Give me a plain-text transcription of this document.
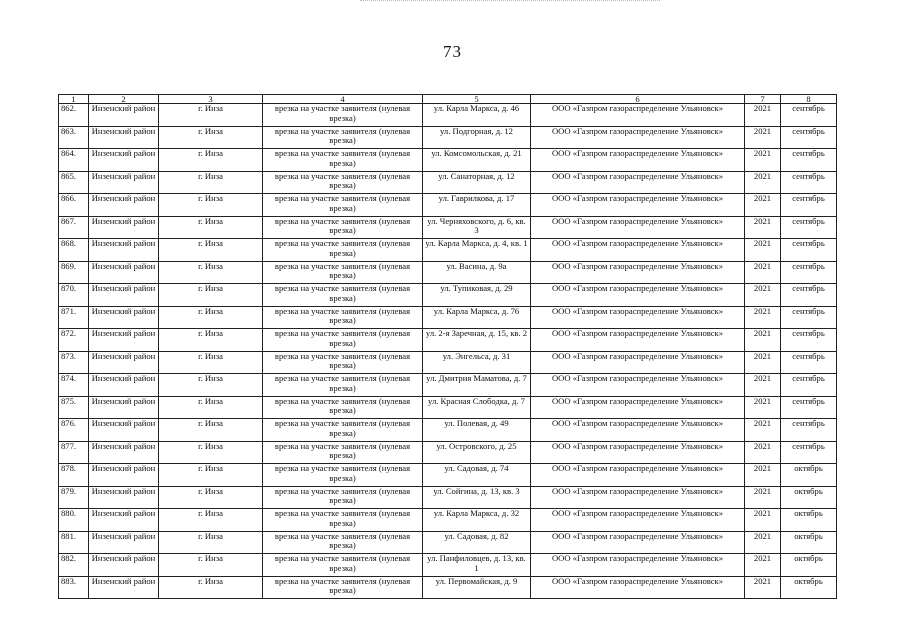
73
1	2	3	4	5	6	7	8
862.	Инзенский район	г. Инза	врезка на участке заявителя (нулевая врезка)	ул. Карла Маркса, д. 46	ООО «Газпром газораспределение Ульяновск»	2021	сентябрь
863.	Инзенский район	г. Инза	врезка на участке заявителя (нулевая врезка)	ул. Подгорная, д. 12	ООО «Газпром газораспределение Ульяновск»	2021	сентябрь
864.	Инзенский район	г. Инза	врезка на участке заявителя (нулевая врезка)	ул. Комсомольская, д. 21	ООО «Газпром газораспределение Ульяновск»	2021	сентябрь
865.	Инзенский район	г. Инза	врезка на участке заявителя (нулевая врезка)	ул. Санаторная, д. 12	ООО «Газпром газораспределение Ульяновск»	2021	сентябрь
866.	Инзенский район	г. Инза	врезка на участке заявителя (нулевая врезка)	ул. Гаврилкова, д. 17	ООО «Газпром газораспределение Ульяновск»	2021	сентябрь
867.	Инзенский район	г. Инза	врезка на участке заявителя (нулевая врезка)	ул. Черняховского, д. 6, кв. 3	ООО «Газпром газораспределение Ульяновск»	2021	сентябрь
868.	Инзенский район	г. Инза	врезка на участке заявителя (нулевая врезка)	ул. Карла Маркса, д. 4, кв. 1	ООО «Газпром газораспределение Ульяновск»	2021	сентябрь
869.	Инзенский район	г. Инза	врезка на участке заявителя (нулевая врезка)	ул. Васина, д. 9а	ООО «Газпром газораспределение Ульяновск»	2021	сентябрь
870.	Инзенский район	г. Инза	врезка на участке заявителя (нулевая врезка)	ул. Тупиковая, д. 29	ООО «Газпром газораспределение Ульяновск»	2021	сентябрь
871.	Инзенский район	г. Инза	врезка на участке заявителя (нулевая врезка)	ул. Карла Маркса, д. 76	ООО «Газпром газораспределение Ульяновск»	2021	сентябрь
872.	Инзенский район	г. Инза	врезка на участке заявителя (нулевая врезка)	ул. 2-я Заречная, д. 15, кв. 2	ООО «Газпром газораспределение Ульяновск»	2021	сентябрь
873.	Инзенский район	г. Инза	врезка на участке заявителя (нулевая врезка)	ул. Энгельса, д. 31	ООО «Газпром газораспределение Ульяновск»	2021	сентябрь
874.	Инзенский район	г. Инза	врезка на участке заявителя (нулевая врезка)	ул. Дмитрия Маматова, д. 7	ООО «Газпром газораспределение Ульяновск»	2021	сентябрь
875.	Инзенский район	г. Инза	врезка на участке заявителя (нулевая врезка)	ул. Красная Слободка, д. 7	ООО «Газпром газораспределение Ульяновск»	2021	сентябрь
876.	Инзенский район	г. Инза	врезка на участке заявителя (нулевая врезка)	ул. Полевая, д. 49	ООО «Газпром газораспределение Ульяновск»	2021	сентябрь
877.	Инзенский район	г. Инза	врезка на участке заявителя (нулевая врезка)	ул. Островского, д. 25	ООО «Газпром газораспределение Ульяновск»	2021	сентябрь
878.	Инзенский район	г. Инза	врезка на участке заявителя (нулевая врезка)	ул. Садовая, д. 74	ООО «Газпром газораспределение Ульяновск»	2021	октябрь
879.	Инзенский район	г. Инза	врезка на участке заявителя (нулевая врезка)	ул. Сойгина, д. 13, кв. 3	ООО «Газпром газораспределение Ульяновск»	2021	октябрь
880.	Инзенский район	г. Инза	врезка на участке заявителя (нулевая врезка)	ул. Карла Маркса, д. 32	ООО «Газпром газораспределение Ульяновск»	2021	октябрь
881.	Инзенский район	г. Инза	врезка на участке заявителя (нулевая врезка)	ул. Садовая, д. 82	ООО «Газпром газораспределение Ульяновск»	2021	октябрь
882.	Инзенский район	г. Инза	врезка на участке заявителя (нулевая врезка)	ул. Панфиловцев, д. 13, кв. 1	ООО «Газпром газораспределение Ульяновск»	2021	октябрь
883.	Инзенский район	г. Инза	врезка на участке заявителя (нулевая врезка)	ул. Первомайская, д. 9	ООО «Газпром газораспределение Ульяновск»	2021	октябрь
